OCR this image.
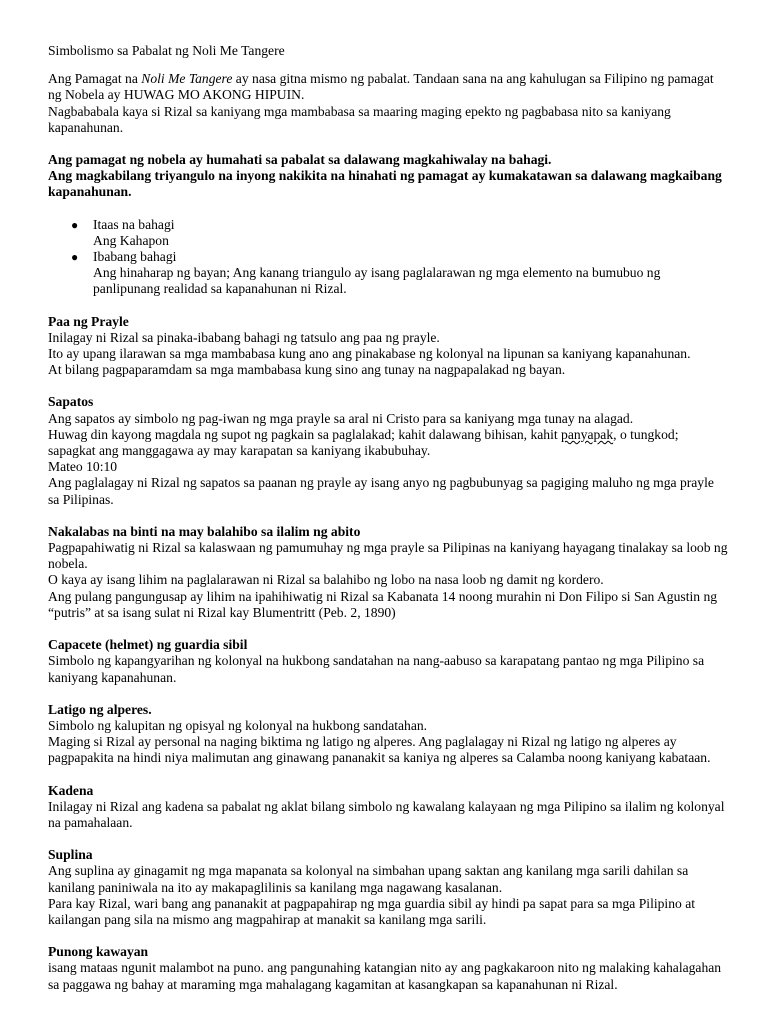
Simbolismo sa Pabalat ng Noli Me Tangere

Ang Pamagat na Noli Me Tangere ay nasa gitna mismo ng pabalat. Tandaan sana na ang kahulugan sa Filipino ng pamagat ng Nobela ay HUWAG MO AKONG HIPUIN.

Nagbababala kaya si Rizal sa kaniyang mga mambabasa sa maaring maging epekto ng pagbabasa nito sa kaniyang kapanahunan.

Ang pamagat ng nobela ay humahati sa pabalat sa dalawang magkahiwalay na bahagi.

Ang magkabilang triyangulo na inyong nakikita na hinahati ng pamagat ay kumakatawan sa dalawang magkaibang kapanahunan.

● Itaas na bahagi
Ang Kahapon
● Ibabang bahagi
Ang hinaharap ng bayan; Ang kanang triangulo ay isang paglalarawan ng mga elemento na bumubuo ng panlipunang realidad sa kapanahunan ni Rizal.

Paa ng Prayle

Inilagay ni Rizal sa pinaka-ibabang bahagi ng tatsulo ang paa ng prayle.

Ito ay upang ilarawan sa mga mambabasa kung ano ang pinakabase ng kolonyal na lipunan sa kaniyang kapanahunan.

At bilang pagpaparamdam sa mga mambabasa kung sino ang tunay na nagpapalakad ng bayan.

Sapatos

Ang sapatos ay simbolo ng pag-iwan ng mga prayle sa aral ni Cristo para sa kaniyang mga tunay na alagad.

Huwag din kayong magdala ng supot ng pagkain sa paglalakad; kahit dalawang bihisan, kahit panyapak, o tungkod; sapagkat ang manggagawa ay may karapatan sa kaniyang ikabubuhay.

Mateo 10:10

Ang paglalagay ni Rizal ng sapatos sa paanan ng prayle ay isang anyo ng pagbubunyag sa pagiging maluho ng mga prayle sa Pilipinas.

Nakalabas na binti na may balahibo sa ilalim ng abito

Pagpapahiwatig ni Rizal sa kalaswaan ng pamumuhay ng mga prayle sa Pilipinas na kaniyang hayagang tinalakay sa loob ng nobela.

O kaya ay isang lihim na paglalarawan ni Rizal sa balahibo ng lobo na nasa loob ng damit ng kordero.

Ang pulang pangungusap ay lihim na ipahihiwatig ni Rizal sa Kabanata 14 noong murahin ni Don Filipo si San Agustin ng “putris” at sa isang sulat ni Rizal kay Blumentritt (Peb. 2, 1890)

Capacete (helmet) ng guardia sibil

Simbolo ng kapangyarihan ng kolonyal na hukbong sandatahan na nang-aabuso sa karapatang pantao ng mga Pilipino sa kaniyang kapanahunan.

Latigo ng alperes.

Simbolo ng kalupitan ng opisyal ng kolonyal na hukbong sandatahan.

Maging si Rizal ay personal na naging biktima ng latigo ng alperes. Ang paglalagay ni Rizal ng latigo ng alperes ay pagpapakita na hindi niya malimutan ang ginawang pananakit sa kaniya ng alperes sa Calamba noong kaniyang kabataan.

Kadena

Inilagay ni Rizal ang kadena sa pabalat ng aklat bilang simbolo ng kawalang kalayaan ng mga Pilipino sa ilalim ng kolonyal na pamahalaan.

Suplina

Ang suplina ay ginagamit ng mga mapanata sa kolonyal na simbahan upang saktan ang kanilang mga sarili dahilan sa kanilang paniniwala na ito ay makapaglilinis sa kanilang mga nagawang kasalanan.

Para kay Rizal, wari bang ang pananakit at pagpapahirap ng mga guardia sibil ay hindi pa sapat para sa mga Pilipino at kailangan pang sila na mismo ang magpahirap at manakit sa kanilang mga sarili.

Punong kawayan

isang mataas ngunit malambot na puno. ang pangunahing katangian nito ay ang pagkakaroon nito ng malaking kahalagahan sa paggawa ng bahay at maraming mga mahalagang kagamitan at kasangkapan sa kapanahunan ni Rizal.
